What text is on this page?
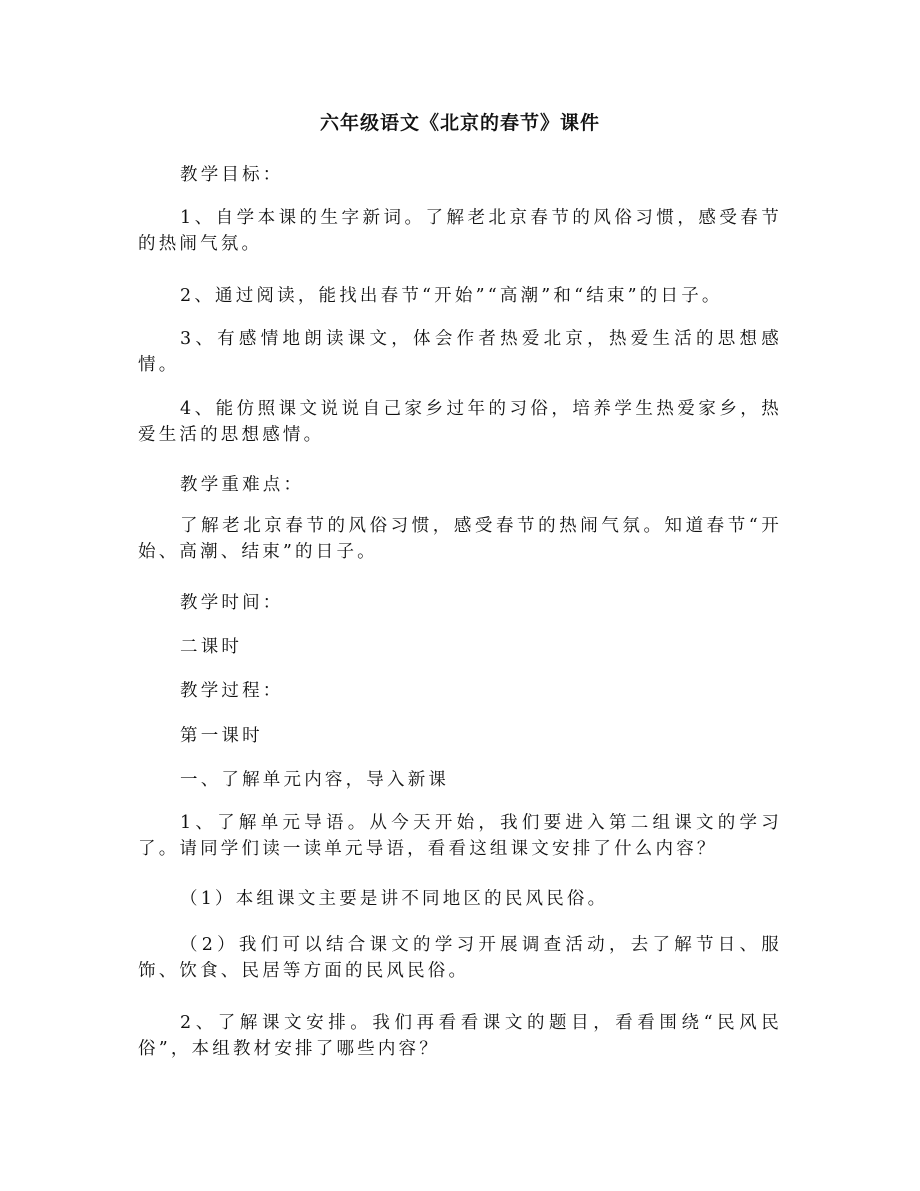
六年级语文《北京的春节》课件
教学目标：
1、自学本课的生字新词。了解老北京春节的风俗习惯，感受春节的热闹气氛。
2、通过阅读，能找出春节“开始”“高潮”和“结束”的日子。
3、有感情地朗读课文，体会作者热爱北京，热爱生活的思想感情。
4、能仿照课文说说自己家乡过年的习俗，培养学生热爱家乡，热爱生活的思想感情。
教学重难点：
了解老北京春节的风俗习惯，感受春节的热闹气氛。知道春节“开始、高潮、结束”的日子。
教学时间：
二课时
教学过程：
第一课时
一、了解单元内容，导入新课
1、了解单元导语。从今天开始，我们要进入第二组课文的学习了。请同学们读一读单元导语，看看这组课文安排了什么内容？
（1）本组课文主要是讲不同地区的民风民俗。
（2）我们可以结合课文的学习开展调查活动，去了解节日、服饰、饮食、民居等方面的民风民俗。
2、了解课文安排。我们再看看课文的题目，看看围绕“民风民俗”，本组教材安排了哪些内容？
